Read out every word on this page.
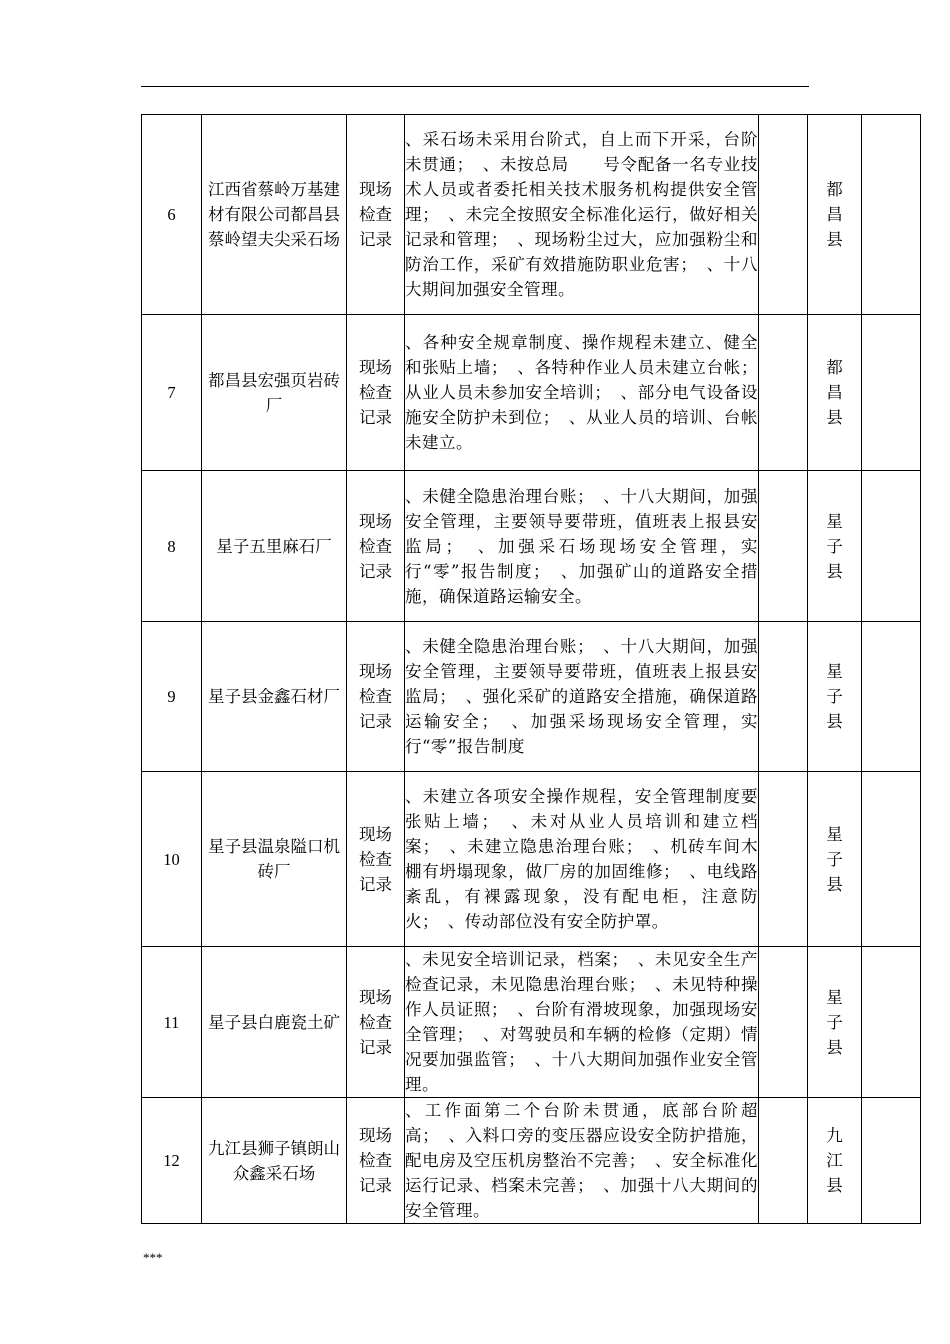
6	江西省蔡岭万基建材有限公司都昌县蔡岭望夫尖采石场	现场检查记录	、采石场未采用台阶式，自上而下开采，台阶未贯通；　、未按总局　　号令配备一名专业技术人员或者委托相关技术服务机构提供安全管理；　、未完全按照安全标准化运行，做好相关记录和管理；　、现场粉尘过大，应加强粉尘和防治工作，采矿有效措施防职业危害；　、十八大期间加强安全管理。		都昌县	

7	都昌县宏强页岩砖厂	现场检查记录	、各种安全规章制度、操作规程未建立、健全和张贴上墙；　、各特种作业人员未建立台帐；从业人员未参加安全培训；　、部分电气设备设施安全防护未到位；　、从业人员的培训、台帐未建立。		都昌县	

8	星子五里麻石厂	现场检查记录	、未健全隐患治理台账；　、十八大期间，加强安全管理，主要领导要带班，值班表上报县安监局；　、加强采石场现场安全管理，实行“零”报告制度；　、加强矿山的道路安全措施，确保道路运输安全。		星子县	

9	星子县金鑫石材厂	现场检查记录	、未健全隐患治理台账；　、十八大期间，加强安全管理，主要领导要带班，值班表上报县安监局；　、强化采矿的道路安全措施，确保道路运输安全；　、加强采场现场安全管理，实行“零”报告制度		星子县	

10	星子县温泉隘口机砖厂	现场检查记录	、未建立各项安全操作规程，安全管理制度要张贴上墙；　、未对从业人员培训和建立档案；　、未建立隐患治理台账；　、机砖车间木棚有坍塌现象，做厂房的加固维修；　、电线路紊乱，有裸露现象，没有配电柜，注意防火；　、传动部位没有安全防护罩。		星子县	

11	星子县白鹿瓷土矿	现场检查记录	、未见安全培训记录，档案；　、未见安全生产检查记录，未见隐患治理台账；　、未见特种操作人员证照；　、台阶有滑坡现象，加强现场安全管理；　、对驾驶员和车辆的检修（定期）情况要加强监管；　、十八大期间加强作业安全管理。		星子县	

12	九江县狮子镇朗山众鑫采石场	现场检查记录	、工作面第二个台阶未贯通，底部台阶超高；　、入料口旁的变压器应设安全防护措施，配电房及空压机房整治不完善；　、安全标准化运行记录、档案未完善；　、加强十八大期间的安全管理。		九江县	

***
